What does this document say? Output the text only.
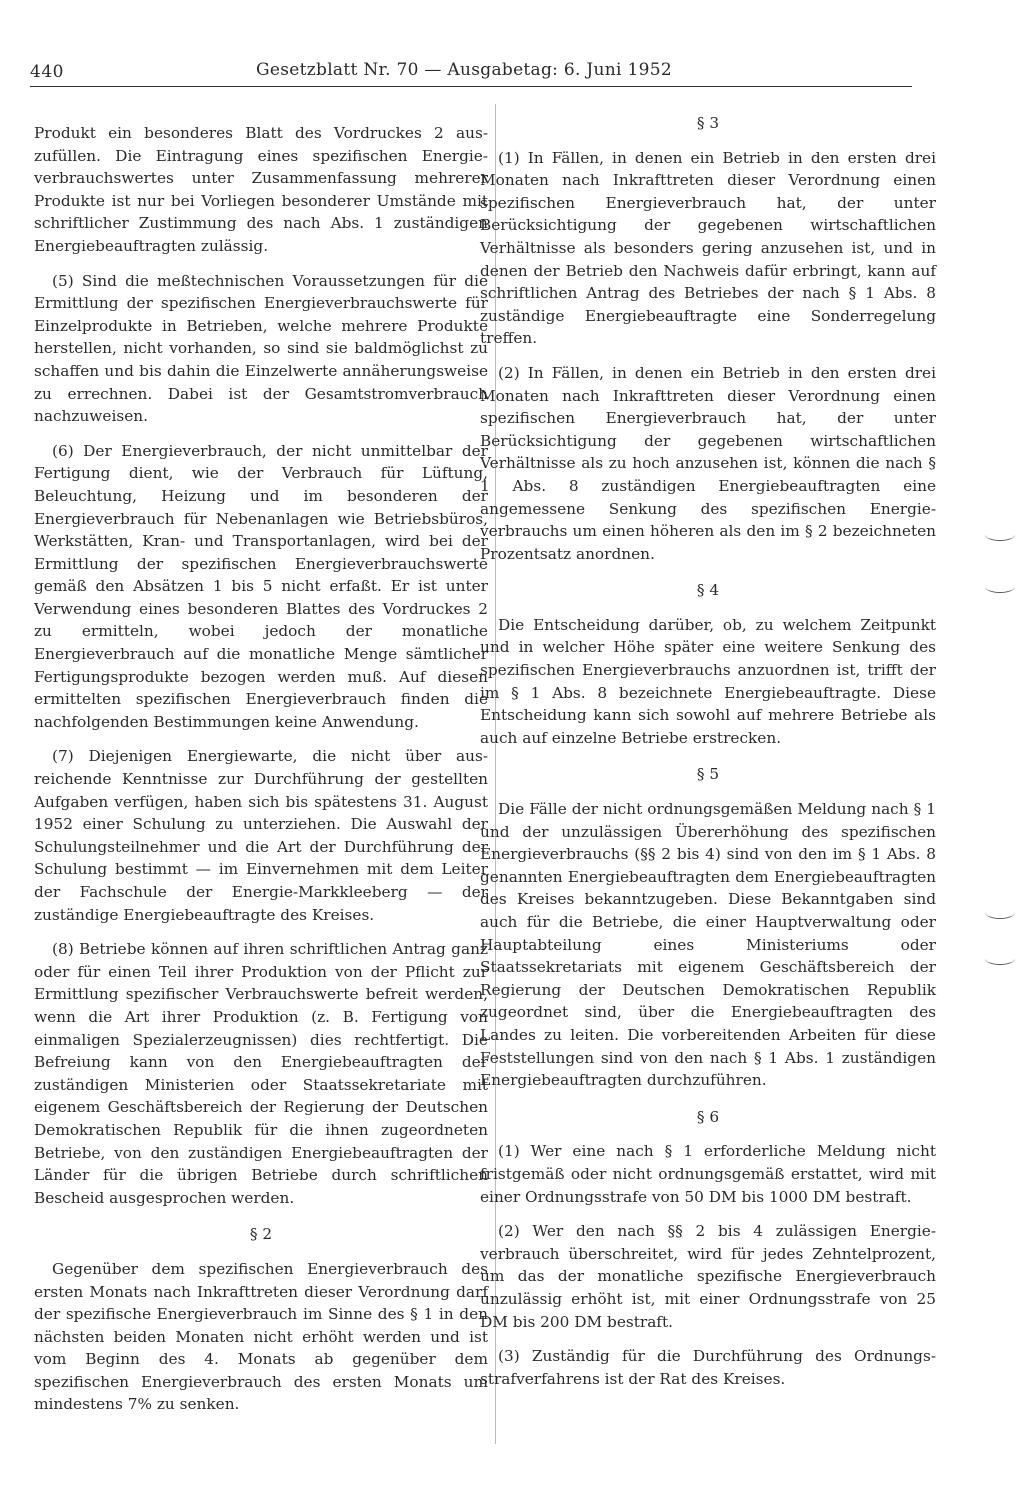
440	Gesetzblatt Nr. 70 — Ausgabetag: 6. Juni 1952

Produkt ein besonderes Blatt des Vordruckes 2 auszufüllen. Die Eintragung eines spezifischen Energieverbrauchswertes unter Zusammenfassung mehrerer Produkte ist nur bei Vorliegen besonderer Umstände mit schriftlicher Zustimmung des nach Abs. 1 zuständigen Energiebeauftragten zulässig.

(5) Sind die meßtechnischen Voraussetzungen für die Ermittlung der spezifischen Energieverbrauchswerte für Einzelprodukte in Betrieben, welche mehrere Produkte herstellen, nicht vorhanden, so sind sie baldmöglichst zu schaffen und bis dahin die Einzelwerte annäherungsweise zu errechnen. Dabei ist der Gesamtstromverbrauch nachzuweisen.

(6) Der Energieverbrauch, der nicht unmittelbar der Fertigung dient, wie der Verbrauch für Lüftung, Beleuchtung, Heizung und im besonderen der Energieverbrauch für Nebenanlagen wie Betriebsbüros, Werkstätten, Kran- und Transportanlagen, wird bei der Ermittlung der spezifischen Energieverbrauchswerte gemäß den Absätzen 1 bis 5 nicht erfaßt. Er ist unter Verwendung eines besonderen Blattes des Vordruckes 2 zu ermitteln, wobei jedoch der monatliche Energieverbrauch auf die monatliche Menge sämtlicher Fertigungsprodukte bezogen werden muß. Auf diesen ermittelten spezifischen Energieverbrauch finden die nachfolgenden Bestimmungen keine Anwendung.

(7) Diejenigen Energiewarte, die nicht über ausreichende Kenntnisse zur Durchführung der gestellten Aufgaben verfügen, haben sich bis spätestens 31. August 1952 einer Schulung zu unterziehen. Die Auswahl der Schulungsteilnehmer und die Art der Durchführung der Schulung bestimmt — im Einvernehmen mit dem Leiter der Fachschule der Energie-Markkleeberg — der zuständige Energiebeauftragte des Kreises.

(8) Betriebe können auf ihren schriftlichen Antrag ganz oder für einen Teil ihrer Produktion von der Pflicht zur Ermittlung spezifischer Verbrauchswerte befreit werden, wenn die Art ihrer Produktion (z. B. Fertigung von einmaligen Spezialerzeugnissen) dies rechtfertigt. Die Befreiung kann von den Energiebeauftragten der zuständigen Ministerien oder Staatssekretariate mit eigenem Geschäftsbereich der Regierung der Deutschen Demokratischen Republik für die ihnen zugeordneten Betriebe, von den zuständigen Energiebeauftragten der Länder für die übrigen Betriebe durch schriftlichen Bescheid ausgesprochen werden.

§ 2

Gegenüber dem spezifischen Energieverbrauch des ersten Monats nach Inkrafttreten dieser Verordnung darf der spezifische Energieverbrauch im Sinne des § 1 in den nächsten beiden Monaten nicht erhöht werden und ist vom Beginn des 4. Monats ab gegenüber dem spezifischen Energieverbrauch des ersten Monats um mindestens 7% zu senken.

§ 3

(1) In Fällen, in denen ein Betrieb in den ersten drei Monaten nach Inkrafttreten dieser Verordnung einen spezifischen Energieverbrauch hat, der unter Berücksichtigung der gegebenen wirtschaftlichen Verhältnisse als besonders gering anzusehen ist, und in denen der Betrieb den Nachweis dafür erbringt, kann auf schriftlichen Antrag des Betriebes der nach § 1 Abs. 8 zuständige Energiebeauftragte eine Sonderregelung treffen.

(2) In Fällen, in denen ein Betrieb in den ersten drei Monaten nach Inkrafttreten dieser Verordnung einen spezifischen Energieverbrauch hat, der unter Berücksichtigung der gegebenen wirtschaftlichen Verhältnisse als zu hoch anzusehen ist, können die nach § 1 Abs. 8 zuständigen Energiebeauftragten eine angemessene Senkung des spezifischen Energieverbrauchs um einen höheren als den im § 2 bezeichneten Prozentsatz anordnen.

§ 4

Die Entscheidung darüber, ob, zu welchem Zeitpunkt und in welcher Höhe später eine weitere Senkung des spezifischen Energieverbrauchs anzuordnen ist, trifft der im § 1 Abs. 8 bezeichnete Energiebeauftragte. Diese Entscheidung kann sich sowohl auf mehrere Betriebe als auch auf einzelne Betriebe erstrecken.

§ 5

Die Fälle der nicht ordnungsgemäßen Meldung nach § 1 und der unzulässigen Übererhöhung des spezifischen Energieverbrauchs (§§ 2 bis 4) sind von den im § 1 Abs. 8 genannten Energiebeauftragten dem Energiebeauftragten des Kreises bekanntzugeben. Diese Bekanntgaben sind auch für die Betriebe, die einer Hauptverwaltung oder Hauptabteilung eines Ministeriums oder Staatssekretariats mit eigenem Geschäftsbereich der Regierung der Deutschen Demokratischen Republik zugeordnet sind, über die Energiebeauftragten des Landes zu leiten. Die vorbereitenden Arbeiten für diese Feststellungen sind von den nach § 1 Abs. 1 zuständigen Energiebeauftragten durchzuführen.

§ 6

(1) Wer eine nach § 1 erforderliche Meldung nicht fristgemäß oder nicht ordnungsgemäß erstattet, wird mit einer Ordnungsstrafe von 50 DM bis 1000 DM bestraft.

(2) Wer den nach §§ 2 bis 4 zulässigen Energieverbrauch überschreitet, wird für jedes Zehntelprozent, um das der monatliche spezifische Energieverbrauch unzulässig erhöht ist, mit einer Ordnungsstrafe von 25 DM bis 200 DM bestraft.

(3) Zuständig für die Durchführung des Ordnungsstrafverfahrens ist der Rat des Kreises.
